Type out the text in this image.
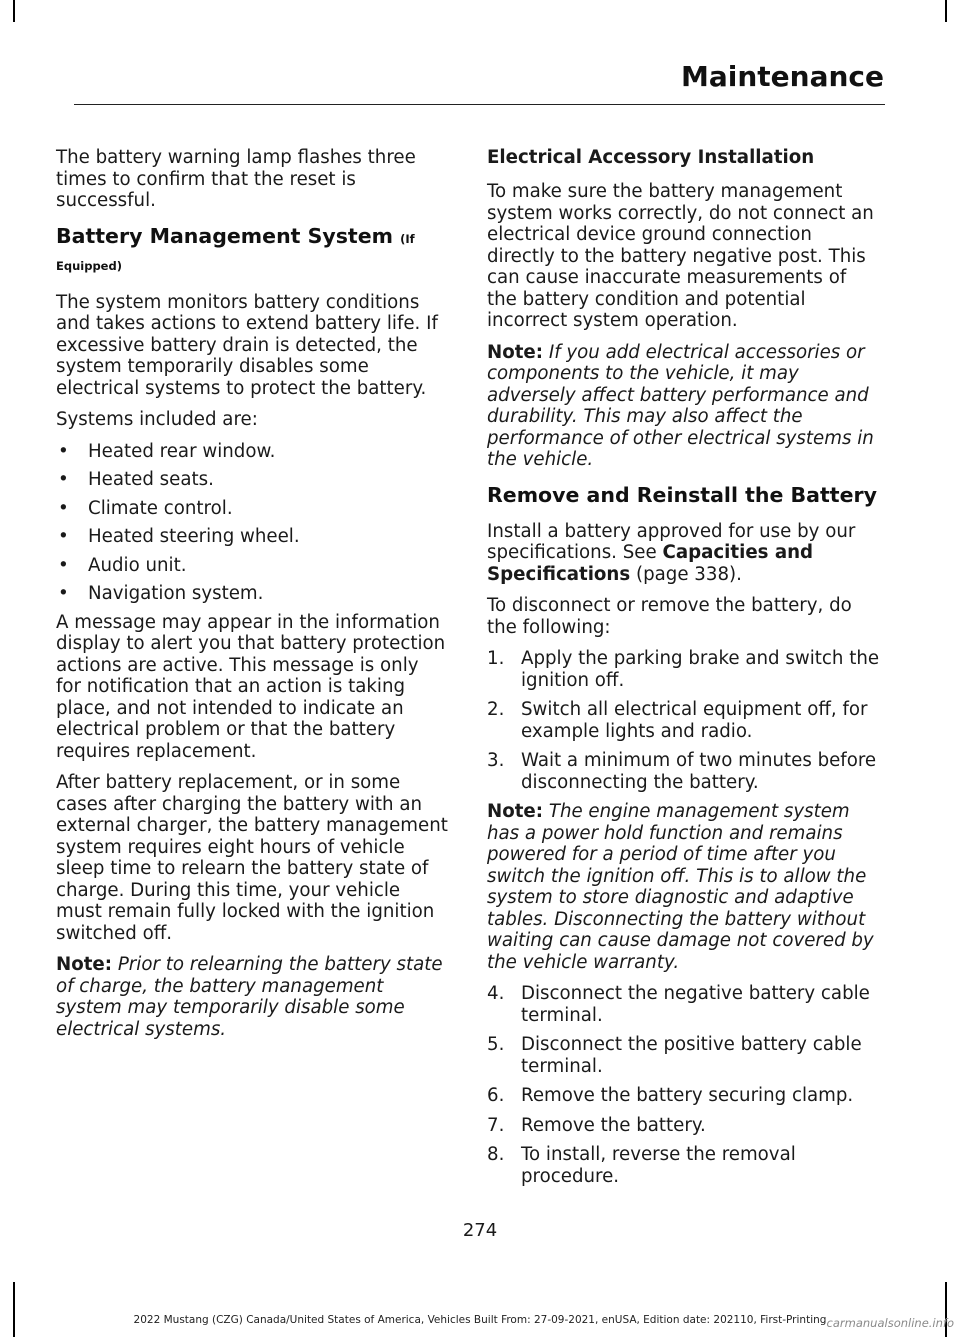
Maintenance

The battery warning lamp flashes three times to confirm that the reset is successful.

Battery Management System (If Equipped)

The system monitors battery conditions and takes actions to extend battery life. If excessive battery drain is detected, the system temporarily disables some electrical systems to protect the battery.

Systems included are:

• Heated rear window.
• Heated seats.
• Climate control.
• Heated steering wheel.
• Audio unit.
• Navigation system.

A message may appear in the information display to alert you that battery protection actions are active. This message is only for notification that an action is taking place, and not intended to indicate an electrical problem or that the battery requires replacement.

After battery replacement, or in some cases after charging the battery with an external charger, the battery management system requires eight hours of vehicle sleep time to relearn the battery state of charge. During this time, your vehicle must remain fully locked with the ignition switched off.

Note: Prior to relearning the battery state of charge, the battery management system may temporarily disable some electrical systems.

Electrical Accessory Installation

To make sure the battery management system works correctly, do not connect an electrical device ground connection directly to the battery negative post. This can cause inaccurate measurements of the battery condition and potential incorrect system operation.

Note: If you add electrical accessories or components to the vehicle, it may adversely affect battery performance and durability. This may also affect the performance of other electrical systems in the vehicle.

Remove and Reinstall the Battery

Install a battery approved for use by our specifications. See Capacities and Specifications (page 338).

To disconnect or remove the battery, do the following:

1. Apply the parking brake and switch the ignition off.
2. Switch all electrical equipment off, for example lights and radio.
3. Wait a minimum of two minutes before disconnecting the battery.

Note: The engine management system has a power hold function and remains powered for a period of time after you switch the ignition off. This is to allow the system to store diagnostic and adaptive tables. Disconnecting the battery without waiting can cause damage not covered by the vehicle warranty.

4. Disconnect the negative battery cable terminal.
5. Disconnect the positive battery cable terminal.
6. Remove the battery securing clamp.
7. Remove the battery.
8. To install, reverse the removal procedure.
274
2022 Mustang (CZG) Canada/United States of America, Vehicles Built From: 27-09-2021, enUSA, Edition date: 202110, First-Printing carmanualsonline.info
